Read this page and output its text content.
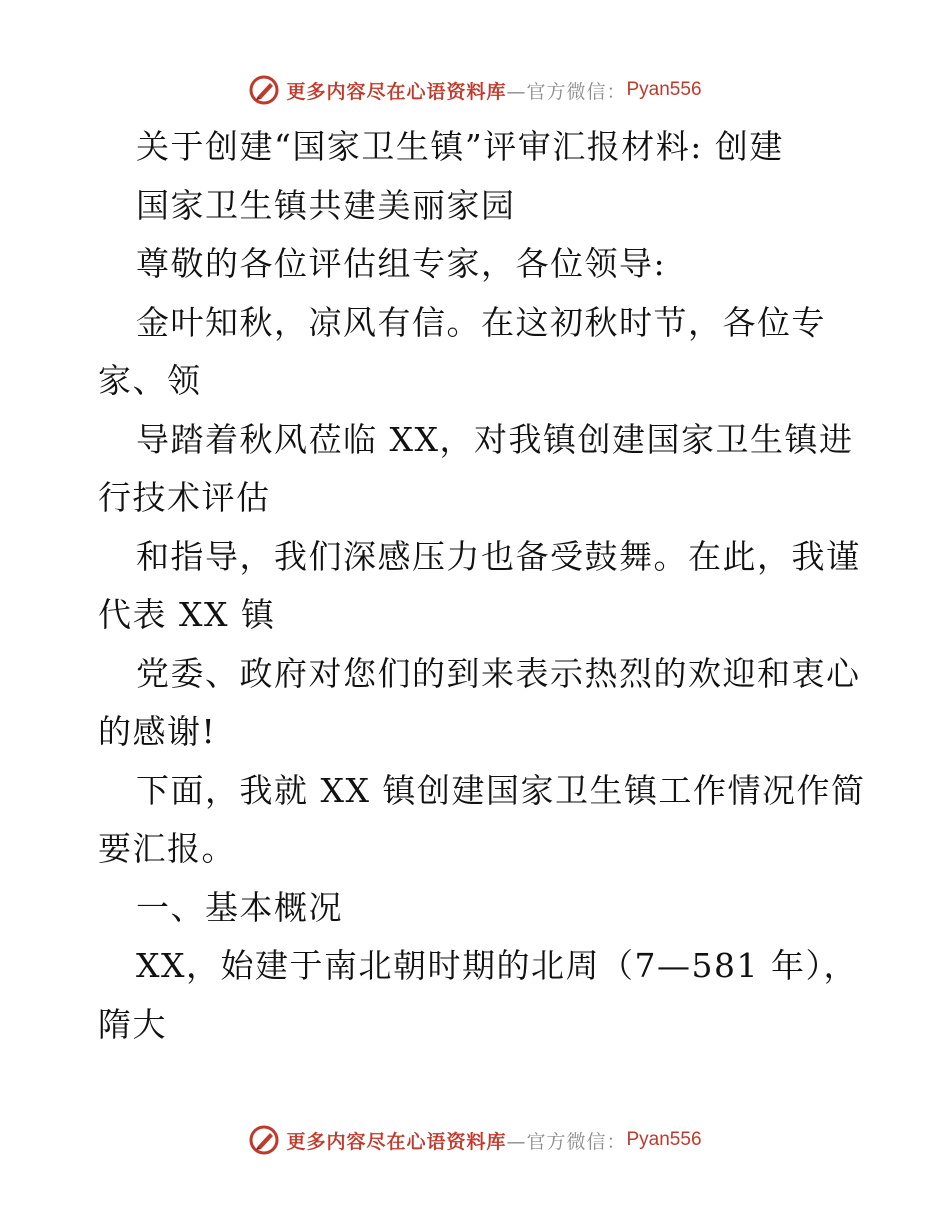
更多内容尽在心语资料库 —官方微信： Pyan556
关于创建“国家卫生镇”评审汇报材料: 创建
国家卫生镇共建美丽家园
尊敬的各位评估组专家，各位领导:
金叶知秋，凉风有信。在这初秋时节，各位专
家、领
导踏着秋风莅临 XX，对我镇创建国家卫生镇进
行技术评估
和指导，我们深感压力也备受鼓舞。在此，我谨
代表 XX 镇
党委、政府对您们的到来表示热烈的欢迎和衷心
的感谢!
下面，我就 XX 镇创建国家卫生镇工作情况作简
要汇报。
一、基本概况
XX，始建于南北朝时期的北周（7—581 年），
隋大
更多内容尽在心语资料库 —官方微信： Pyan556
